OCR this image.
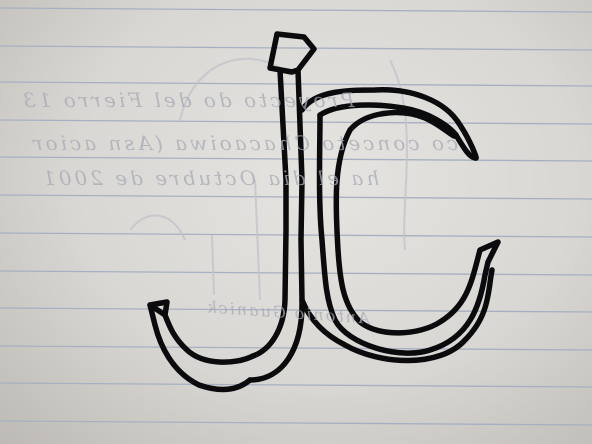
Proyecto do del Fierro 13
co conceto Chacaoiwa (Asn acior
ha el dia Octubre de 2001
Antonio Guanick
